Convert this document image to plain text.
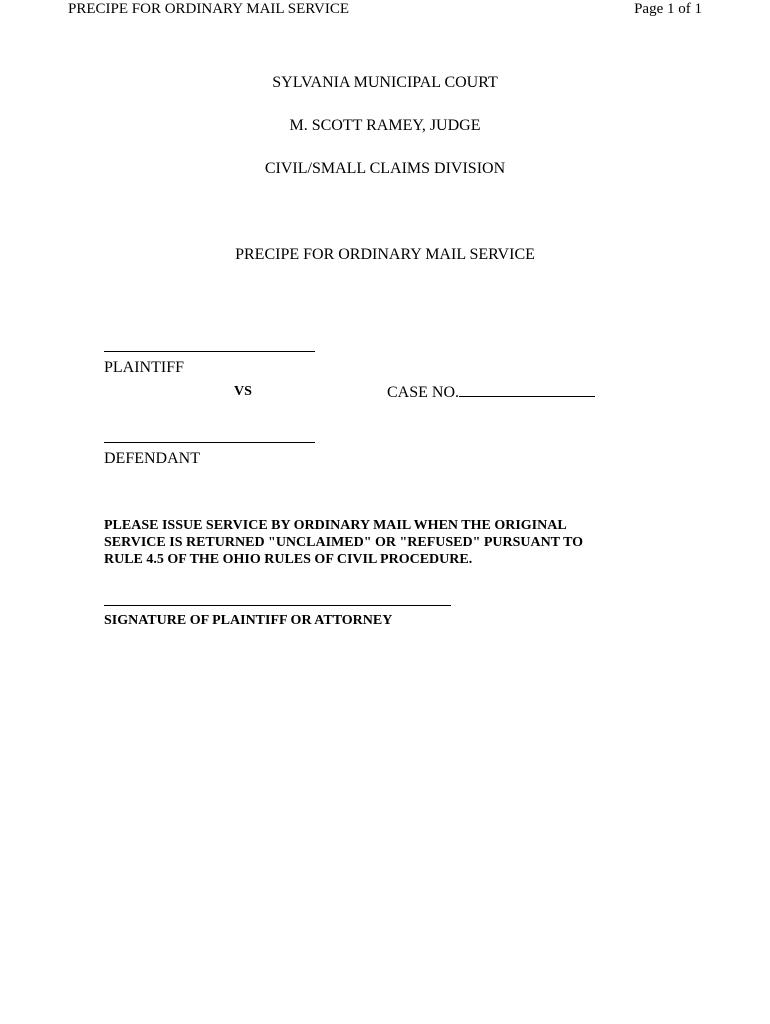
PRECIPE FOR ORDINARY MAIL SERVICE	Page 1 of 1
SYLVANIA MUNICIPAL COURT
M. SCOTT RAMEY, JUDGE
CIVIL/SMALL CLAIMS DIVISION
PRECIPE FOR ORDINARY MAIL SERVICE
PLAINTIFF
VS	CASE NO.
DEFENDANT
PLEASE ISSUE SERVICE BY ORDINARY MAIL WHEN THE ORIGINAL
SERVICE IS RETURNED "UNCLAIMED" OR "REFUSED" PURSUANT TO
RULE 4.5 OF THE OHIO RULES OF CIVIL PROCEDURE.
SIGNATURE OF PLAINTIFF OR ATTORNEY
